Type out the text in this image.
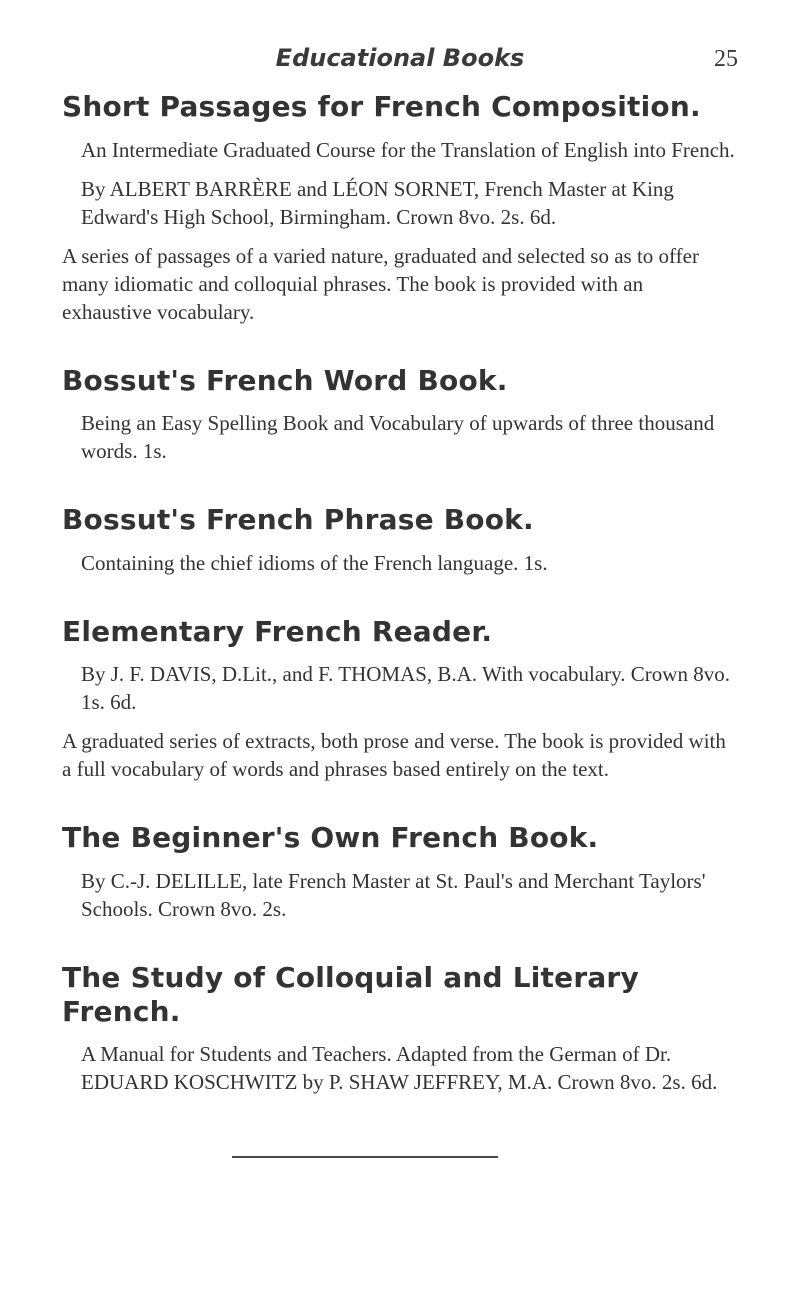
Educational Books	25
Short Passages for French Composition.

An Intermediate Graduated Course for the Translation of English into French.

By ALBERT BARRÈRE and LÉON SORNET, French Master at King Edward's High School, Birmingham. Crown 8vo. 2s. 6d.

A series of passages of a varied nature, graduated and selected so as to offer many idiomatic and colloquial phrases. The book is provided with an exhaustive vocabulary.

Bossut's French Word Book.

Being an Easy Spelling Book and Vocabulary of upwards of three thousand words. 1s.

Bossut's French Phrase Book.

Containing the chief idioms of the French language. 1s.

Elementary French Reader.

By J. F. DAVIS, D.Lit., and F. THOMAS, B.A. With vocabulary. Crown 8vo. 1s. 6d.

A graduated series of extracts, both prose and verse. The book is provided with a full vocabulary of words and phrases based entirely on the text.

The Beginner's Own French Book.

By C.-J. DELILLE, late French Master at St. Paul's and Merchant Taylors' Schools. Crown 8vo. 2s.

The Study of Colloquial and Literary French.

A Manual for Students and Teachers. Adapted from the German of Dr. EDUARD KOSCHWITZ by P. SHAW JEFFREY, M.A. Crown 8vo. 2s. 6d.
